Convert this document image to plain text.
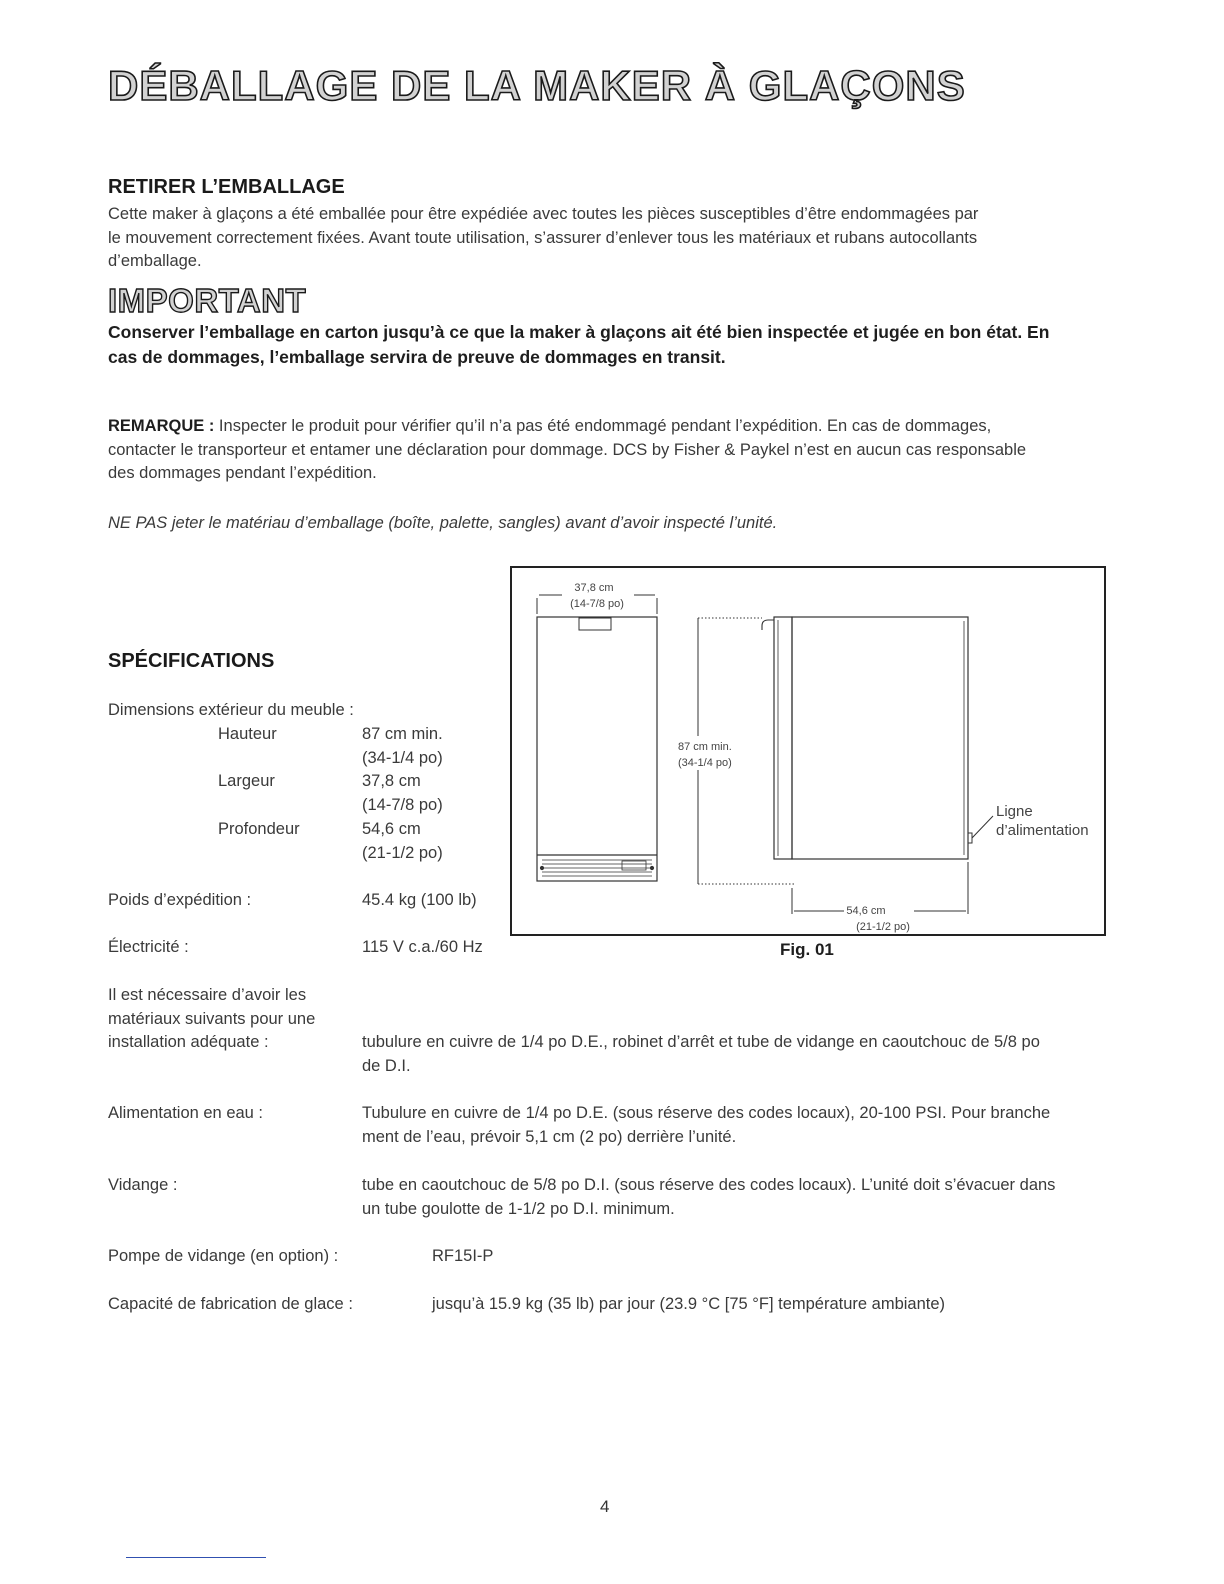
DÉBALLAGE DE LA MAKER À GLAÇONS
RETIRER L’EMBALLAGE
Cette maker à glaçons a été emballée pour être expédiée avec toutes les pièces susceptibles d’être endommagées par
le mouvement correctement fixées. Avant toute utilisation, s’assurer d’enlever tous les matériaux et rubans autocollants
d’emballage.
IMPORTANT
Conserver l’emballage en carton jusqu’à ce que la maker à glaçons ait été bien inspectée et jugée en bon état. En
cas de dommages, l’emballage servira de preuve de dommages en transit.
REMARQUE : Inspecter le produit pour vérifier qu’il n’a pas été endommagé pendant l’expédition. En cas de dommages,
contacter le transporteur et entamer une déclaration pour dommage. DCS by Fisher & Paykel n’est en aucun cas responsable
des dommages pendant l’expédition.
NE PAS jeter le matériau d’emballage (boîte, palette, sangles) avant d’avoir inspecté l’unité.
SPÉCIFICATIONS
Dimensions extérieur du meuble :
Hauteur	87 cm min.
(34-1/4 po)
Largeur	37,8 cm
(14-7/8 po)
Profondeur	54,6 cm
(21-1/2 po)
Poids d’expédition :	45.4 kg (100 lb)
Électricité :	115 V c.a./60 Hz
Il est nécessaire d’avoir les
matériaux suivants pour une
installation adéquate :	tubulure en cuivre de 1/4 po D.E., robinet d’arrêt et tube de vidange en caoutchouc de 5/8 po
de D.I.
Alimentation en eau :	Tubulure en cuivre de 1/4 po D.E. (sous réserve des codes locaux), 20-100 PSI. Pour branche
ment de l’eau, prévoir 5,1 cm (2 po) derrière l’unité.
Vidange :	tube en caoutchouc de 5/8 po D.I. (sous réserve des codes locaux). L’unité doit s’évacuer dans
un tube goulotte de 1-1/2 po D.I. minimum.
Pompe de vidange (en option) :	RF15I-P
Capacité de fabrication de glace :	jusqu’à 15.9 kg (35 lb) par jour (23.9 °C [75 °F] température ambiante)
37,8 cm
(14-7/8 po)
87 cm min.
(34-1/4 po)
Ligne
d’alimentation
54,6 cm
(21-1/2 po)
Fig. 01
4
